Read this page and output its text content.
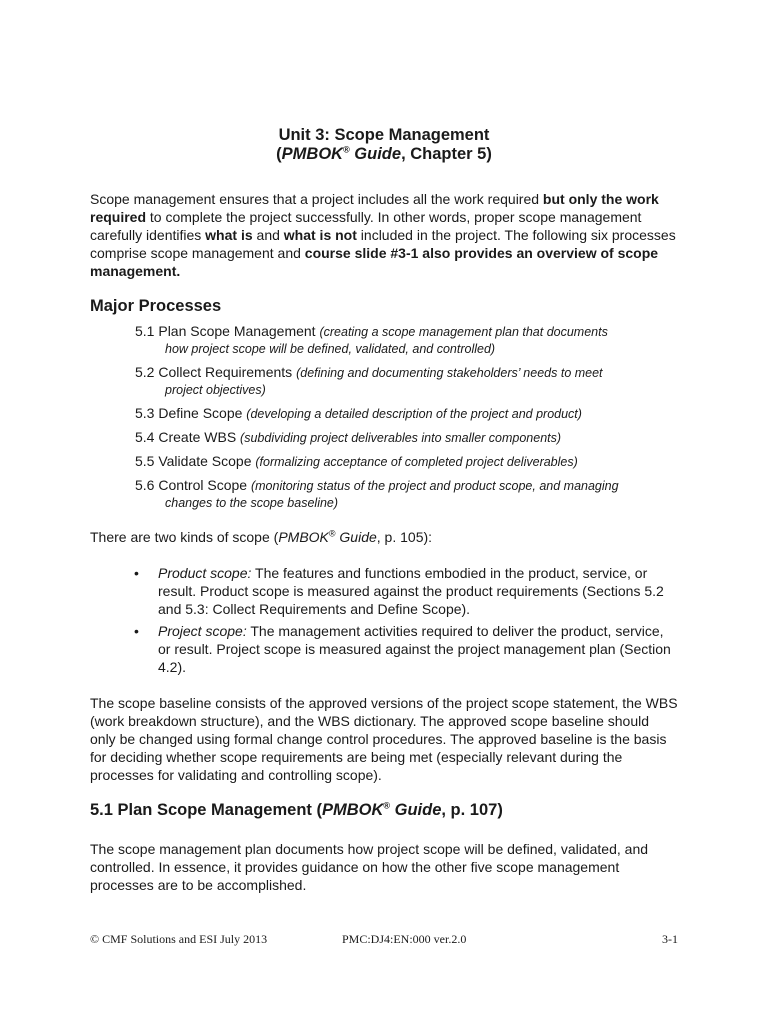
Unit 3: Scope Management
(PMBOK® Guide, Chapter 5)

Scope management ensures that a project includes all the work required but only the work required to complete the project successfully. In other words, proper scope management carefully identifies what is and what is not included in the project. The following six processes comprise scope management and course slide #3-1 also provides an overview of scope management.

Major Processes
5.1 Plan Scope Management (creating a scope management plan that documents
how project scope will be defined, validated, and controlled)
5.2 Collect Requirements (defining and documenting stakeholders’ needs to meet
project objectives)
5.3 Define Scope (developing a detailed description of the project and product)
5.4 Create WBS (subdividing project deliverables into smaller components)
5.5 Validate Scope (formalizing acceptance of completed project deliverables)
5.6 Control Scope (monitoring status of the project and product scope, and managing
changes to the scope baseline)

There are two kinds of scope (PMBOK® Guide, p. 105):

• Product scope: The features and functions embodied in the product, service, or result. Product scope is measured against the product requirements (Sections 5.2 and 5.3: Collect Requirements and Define Scope).
• Project scope: The management activities required to deliver the product, service, or result. Project scope is measured against the project management plan (Section 4.2).

The scope baseline consists of the approved versions of the project scope statement, the WBS (work breakdown structure), and the WBS dictionary. The approved scope baseline should only be changed using formal change control procedures. The approved baseline is the basis for deciding whether scope requirements are being met (especially relevant during the processes for validating and controlling scope).

5.1 Plan Scope Management (PMBOK® Guide, p. 107)

The scope management plan documents how project scope will be defined, validated, and controlled. In essence, it provides guidance on how the other five scope management processes are to be accomplished.

© CMF Solutions and ESI July 2013	PMC:DJ4:EN:000 ver.2.0	3-1
